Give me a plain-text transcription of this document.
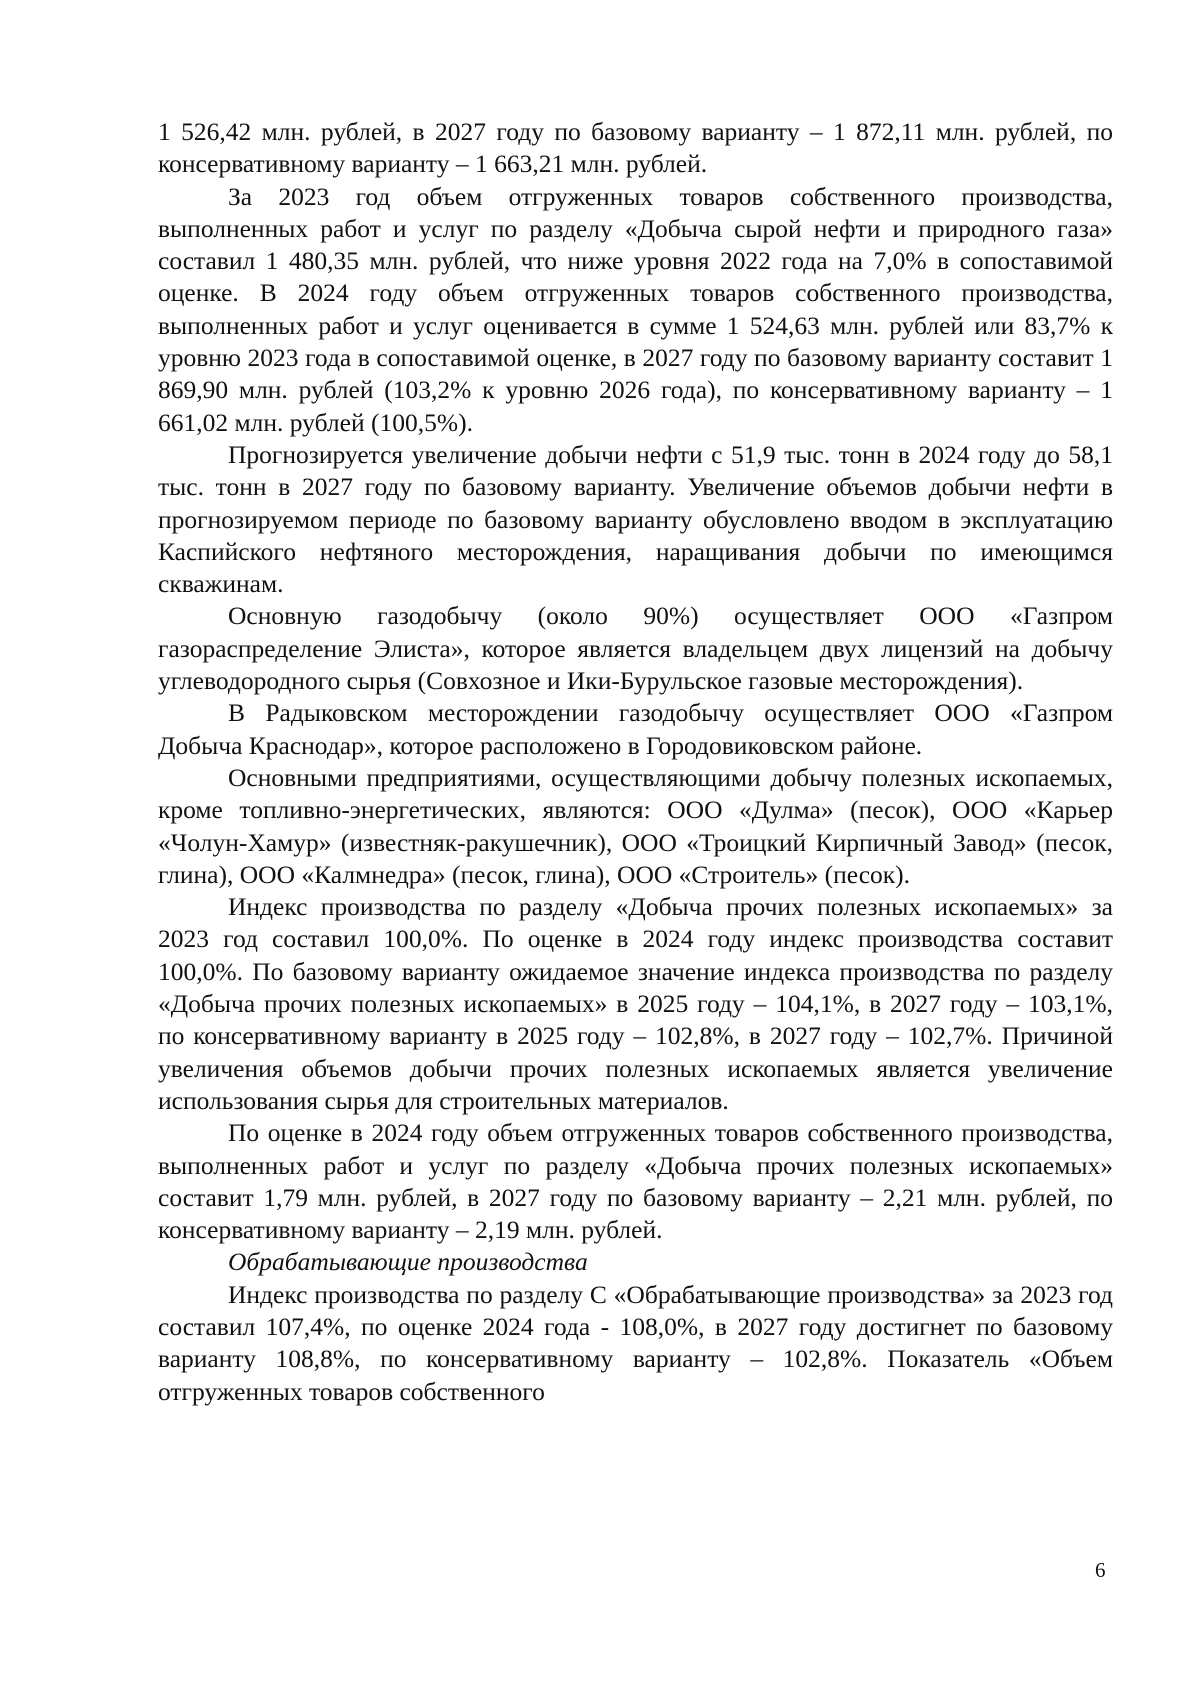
1 526,42 млн. рублей, в 2027 году по базовому варианту – 1 872,11 млн. рублей, по консервативному варианту – 1 663,21 млн. рублей.

За 2023 год объем отгруженных товаров собственного производства, выполненных работ и услуг по разделу «Добыча сырой нефти и природного газа» составил 1 480,35 млн. рублей, что ниже уровня 2022 года на 7,0% в сопоставимой оценке. В 2024 году объем отгруженных товаров собственного производства, выполненных работ и услуг оценивается в сумме 1 524,63 млн. рублей или 83,7% к уровню 2023 года в сопоставимой оценке, в 2027 году по базовому варианту составит 1 869,90 млн. рублей (103,2% к уровню 2026 года), по консервативному варианту – 1 661,02 млн. рублей (100,5%).

Прогнозируется увеличение добычи нефти с 51,9 тыс. тонн в 2024 году до 58,1 тыс. тонн в 2027 году по базовому варианту. Увеличение объемов добычи нефти в прогнозируемом периоде по базовому варианту обусловлено вводом в эксплуатацию Каспийского нефтяного месторождения, наращивания добычи по имеющимся скважинам.

Основную газодобычу (около 90%) осуществляет ООО «Газпром газораспределение Элиста», которое является владельцем двух лицензий на добычу углеводородного сырья (Совхозное и Ики-Бурульское газовые месторождения).

В Радыковском месторождении газодобычу осуществляет ООО «Газпром Добыча Краснодар», которое расположено в Городовиковском районе.

Основными предприятиями, осуществляющими добычу полезных ископаемых, кроме топливно-энергетических, являются: ООО «Дулма» (песок), ООО «Карьер «Чолун-Хамур» (известняк-ракушечник), ООО «Троицкий Кирпичный Завод» (песок, глина), ООО «Калмнедра» (песок, глина), ООО «Строитель» (песок).

Индекс производства по разделу «Добыча прочих полезных ископаемых» за 2023 год составил 100,0%. По оценке в 2024 году индекс производства составит 100,0%. По базовому варианту ожидаемое значение индекса производства по разделу «Добыча прочих полезных ископаемых» в 2025 году – 104,1%, в 2027 году – 103,1%, по консервативному варианту в 2025 году – 102,8%, в 2027 году – 102,7%. Причиной увеличения объемов добычи прочих полезных ископаемых является увеличение использования сырья для строительных материалов.

По оценке в 2024 году объем отгруженных товаров собственного производства, выполненных работ и услуг по разделу «Добыча прочих полезных ископаемых» составит 1,79 млн. рублей, в 2027 году по базовому варианту – 2,21 млн. рублей, по консервативному варианту – 2,19 млн. рублей.

Обрабатывающие производства

Индекс производства по разделу С «Обрабатывающие производства» за 2023 год составил 107,4%, по оценке 2024 года - 108,0%, в 2027 году достигнет по базовому варианту 108,8%, по консервативному варианту – 102,8%. Показатель «Объем отгруженных товаров собственного

6
